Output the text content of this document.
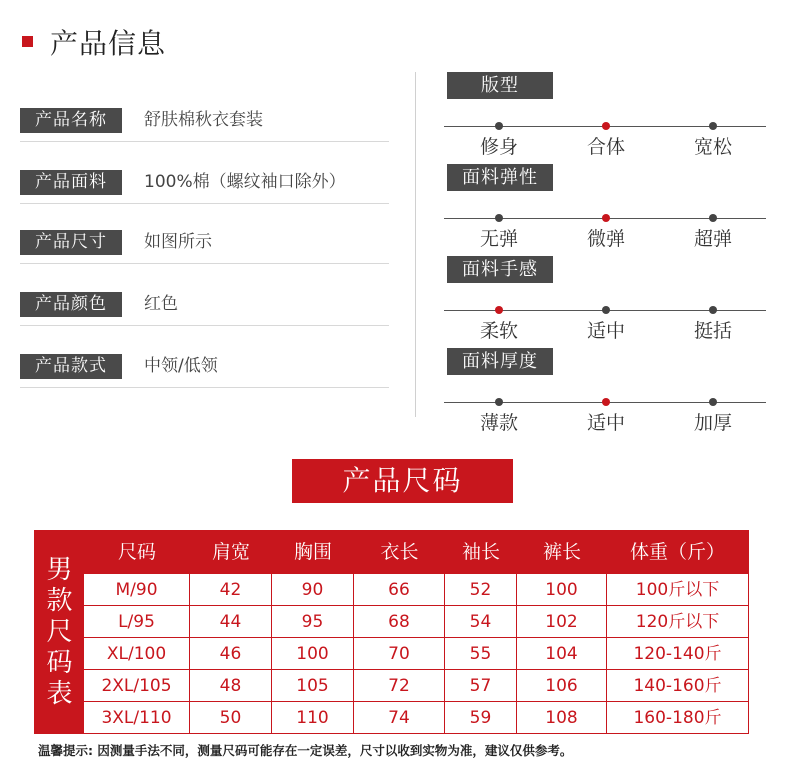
产品信息
产品名称	舒肤棉秋衣套装
产品面料	100%棉（螺纹袖口除外）
产品尺寸	如图所示
产品颜色	红色
产品款式	中领/低领
版型
修身	合体	宽松
面料弹性
无弹	微弹	超弹
面料手感
柔软	适中	挺括
面料厚度
薄款	适中	加厚
产品尺码
男
款
尺
码
表
M/90	42	90	66	52	100	100斤以下
L/95	44	95	68	54	102	120斤以下
XL/100	46	100	70	55	104	120-140斤
2XL/105	48	105	72	57	106	140-160斤
3XL/110	50	110	74	59	108	160-180斤
尺码	肩宽	胸围	衣长	袖长	裤长	体重（斤）
温馨提示: 因测量手法不同，测量尺码可能存在一定误差，尺寸以收到实物为准，建议仅供参考。
